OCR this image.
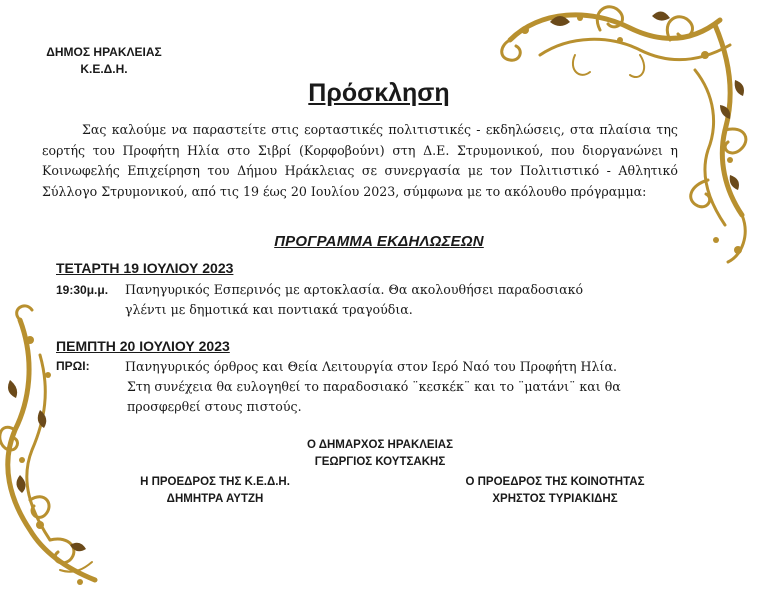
ΔΗΜΟΣ ΗΡΑΚΛΕΙΑΣ
Κ.Ε.Δ.Η.
Πρόσκληση
Σας καλούμε να παραστείτε στις εορταστικές πολιτιστικές - εκδηλώσεις, στα πλαίσια της εορτής του Προφήτη Ηλία στο Σιβρί (Κορφοβούνι) στη Δ.Ε. Στρυμονικού, που διοργανώνει η Κοινωφελής Επιχείρηση του Δήμου Ηράκλειας σε συνεργασία με τον Πολιτιστικό - Αθλητικό Σύλλογο Στρυμονικού, από τις 19 έως 20 Ιουλίου 2023, σύμφωνα με το ακόλουθο πρόγραμμα:
ΠΡΟΓΡΑΜΜΑ ΕΚΔΗΛΩΣΕΩΝ
ΤΕΤΑΡΤΗ 19 ΙΟΥΛΙΟΥ 2023
19:30μ.μ. Πανηγυρικός Εσπερινός με αρτοκλασία. Θα ακολουθήσει παραδοσιακό
γλέντι με δημοτικά και ποντιακά τραγούδια.
ΠΕΜΠΤΗ 20 ΙΟΥΛΙΟΥ 2023
ΠΡΩΙ:	Πανηγυρικός όρθρος και Θεία Λειτουργία στον Ιερό Ναό του Προφήτη Ηλία.
Στη συνέχεια θα ευλογηθεί το παραδοσιακό ¨κεσκέκ¨ και το ¨ματάνι¨ και θα
προσφερθεί στους πιστούς.
Ο ΔΗΜΑΡΧΟΣ ΗΡΑΚΛΕΙΑΣ
ΓΕΩΡΓΙΟΣ ΚΟΥΤΣΑΚΗΣ
Η ΠΡΟΕΔΡΟΣ ΤΗΣ Κ.Ε.Δ.Η.
ΔΗΜΗΤΡΑ ΑΥΤΖΗ
Ο ΠΡΟΕΔΡΟΣ ΤΗΣ ΚΟΙΝΟΤΗΤΑΣ
ΧΡΗΣΤΟΣ ΤΥΡΙΑΚΙΔΗΣ
